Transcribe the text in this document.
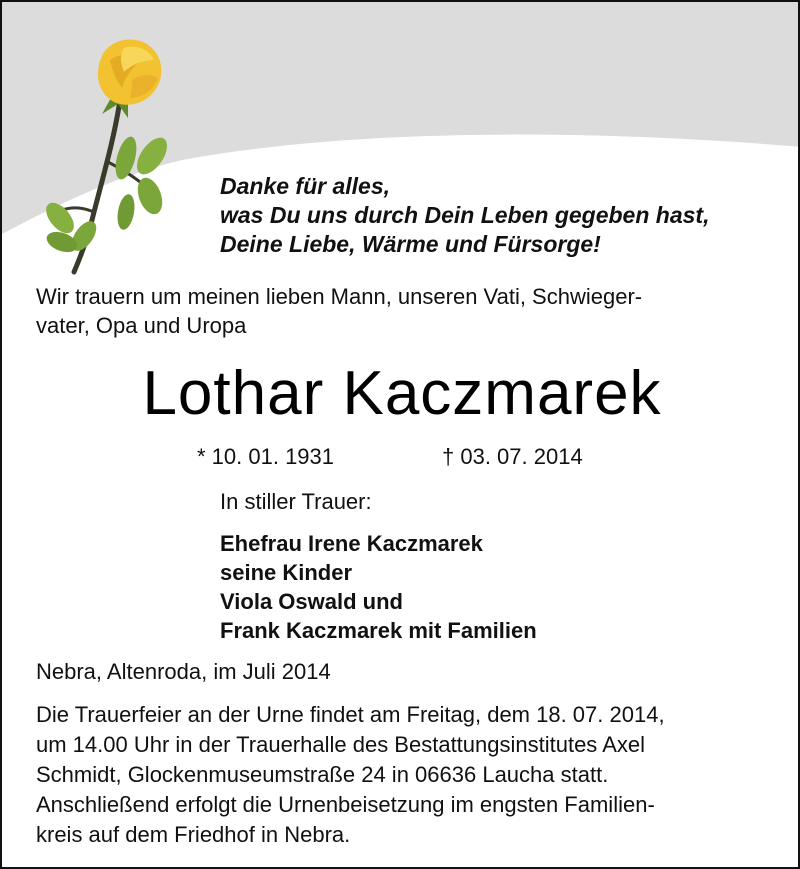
Danke für alles,
was Du uns durch Dein Leben gegeben hast,
Deine Liebe, Wärme und Fürsorge!

Wir trauern um meinen lieben Mann, unseren Vati, Schwieger-
vater, Opa und Uropa

Lothar Kaczmarek
* 10. 01. 1931	† 03. 07. 2014

In stiller Trauer:

Ehefrau Irene Kaczmarek
seine Kinder
Viola Oswald und
Frank Kaczmarek mit Familien

Nebra, Altenroda, im Juli 2014

Die Trauerfeier an der Urne findet am Freitag, dem 18. 07. 2014,
um 14.00 Uhr in der Trauerhalle des Bestattungsinstitutes Axel
Schmidt, Glockenmuseumstraße 24 in 06636 Laucha statt.
Anschließend erfolgt die Urnenbeisetzung im engsten Familien-
kreis auf dem Friedhof in Nebra.
